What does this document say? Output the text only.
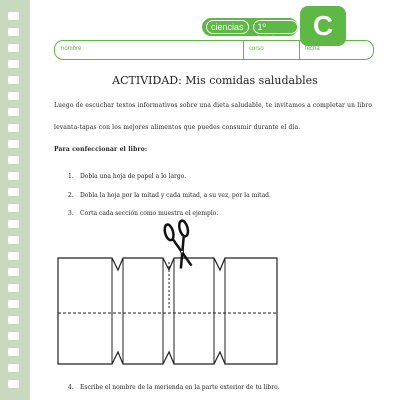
ciencias	1º básico	C
nombre	curso	fecha
ACTIVIDAD: Mis comidas saludables
Luego de escuchar textos informativos sobre una dieta saludable, te invitamos a completar un libro
levanta-tapas con los mejores alimentos que puedes consumir durante el día.
Para confeccionar el libro:
1. Dobla una hoja de papel a lo largo.
2. Dobla la hoja por la mitad y cada mitad, a su vez, por la mitad.
3. Corta cada sección como muestra el ejemplo.
4. Escribe el nombre de la merienda en la parte exterior de tu libro.
